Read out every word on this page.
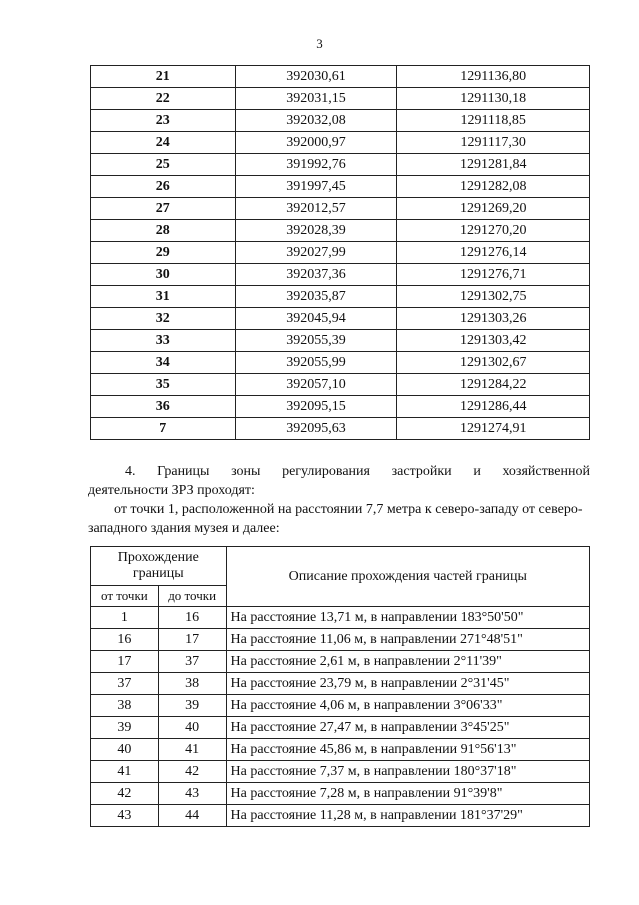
3
21	392030,61	1291136,80
22	392031,15	1291130,18
23	392032,08	1291118,85
24	392000,97	1291117,30
25	391992,76	1291281,84
26	391997,45	1291282,08
27	392012,57	1291269,20
28	392028,39	1291270,20
29	392027,99	1291276,14
30	392037,36	1291276,71
31	392035,87	1291302,75
32	392045,94	1291303,26
33	392055,39	1291303,42
34	392055,99	1291302,67
35	392057,10	1291284,22
36	392095,15	1291286,44
7	392095,63	1291274,91
4. Границы зоны регулирования застройки и хозяйственной
деятельности ЗРЗ проходят:
от точки 1, расположенной на расстоянии 7,7 метра к северо-западу от северо-западного здания музея и далее:
Прохождение границы		Описание прохождения частей границы
от точки	до точки	
1	16	На расстояние 13,71 м, в направлении 183°50'50"
16	17	На расстояние 11,06 м, в направлении 271°48'51"
17	37	На расстояние 2,61 м, в направлении 2°11'39"
37	38	На расстояние 23,79 м, в направлении 2°31'45"
38	39	На расстояние 4,06 м, в направлении 3°06'33"
39	40	На расстояние 27,47 м, в направлении 3°45'25"
40	41	На расстояние 45,86 м, в направлении 91°56'13"
41	42	На расстояние 7,37 м, в направлении 180°37'18"
42	43	На расстояние 7,28 м, в направлении 91°39'8"
43	44	На расстояние 11,28 м, в направлении 181°37'29"
